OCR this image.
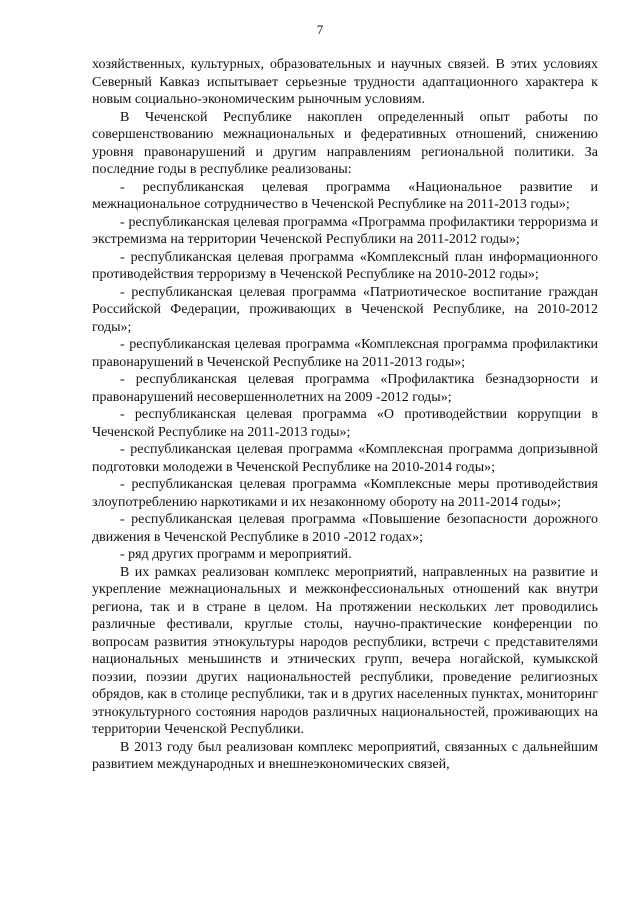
7

хозяйственных, культурных, образовательных и научных связей. В этих условиях Северный Кавказ испытывает серьезные трудности адаптационного характера к новым социально-экономическим рыночным условиям.

В Чеченской Республике накоплен определенный опыт работы по совершенствованию межнациональных и федеративных отношений, снижению уровня правонарушений и другим направлениям региональной политики. За последние годы в республике реализованы:

- республиканская целевая программа «Национальное развитие и межнациональное сотрудничество в Чеченской Республике на 2011-2013 годы»;

- республиканская целевая программа «Программа профилактики терроризма и экстремизма на территории Чеченской Республики на 2011-2012 годы»;

- республиканская целевая программа «Комплексный план информационного противодействия терроризму в Чеченской Республике на 2010-2012 годы»;

- республиканская целевая программа «Патриотическое воспитание граждан Российской Федерации, проживающих в Чеченской Республике, на 2010-2012 годы»;

- республиканская целевая программа «Комплексная программа профилактики правонарушений в Чеченской Республике на 2011-2013 годы»;

- республиканская целевая программа «Профилактика безнадзорности и правонарушений несовершеннолетних на 2009 -2012 годы»;

- республиканская целевая программа «О противодействии коррупции в Чеченской Республике на 2011-2013 годы»;

- республиканская целевая программа «Комплексная программа допризывной подготовки молодежи в Чеченской Республике на 2010-2014 годы»;

- республиканская целевая программа «Комплексные меры противодействия злоупотреблению наркотиками и их незаконному обороту на 2011-2014 годы»;

- республиканская целевая программа «Повышение безопасности дорожного движения в Чеченской Республике в 2010 -2012 годах»;

- ряд других программ и мероприятий.

В их рамках реализован комплекс мероприятий, направленных на развитие и укрепление межнациональных и межконфессиональных отношений как внутри региона, так и в стране в целом. На протяжении нескольких лет проводились различные фестивали, круглые столы, научно-практические конференции по вопросам развития этнокультуры народов республики, встречи с представителями национальных меньшинств и этнических групп, вечера ногайской, кумыкской поэзии, поэзии других национальностей республики, проведение религиозных обрядов, как в столице республики, так и в других населенных пунктах, мониторинг этнокультурного состояния народов различных национальностей, проживающих на территории Чеченской Республики.

В 2013 году был реализован комплекс мероприятий, связанных с дальнейшим развитием международных и внешнеэкономических связей,
